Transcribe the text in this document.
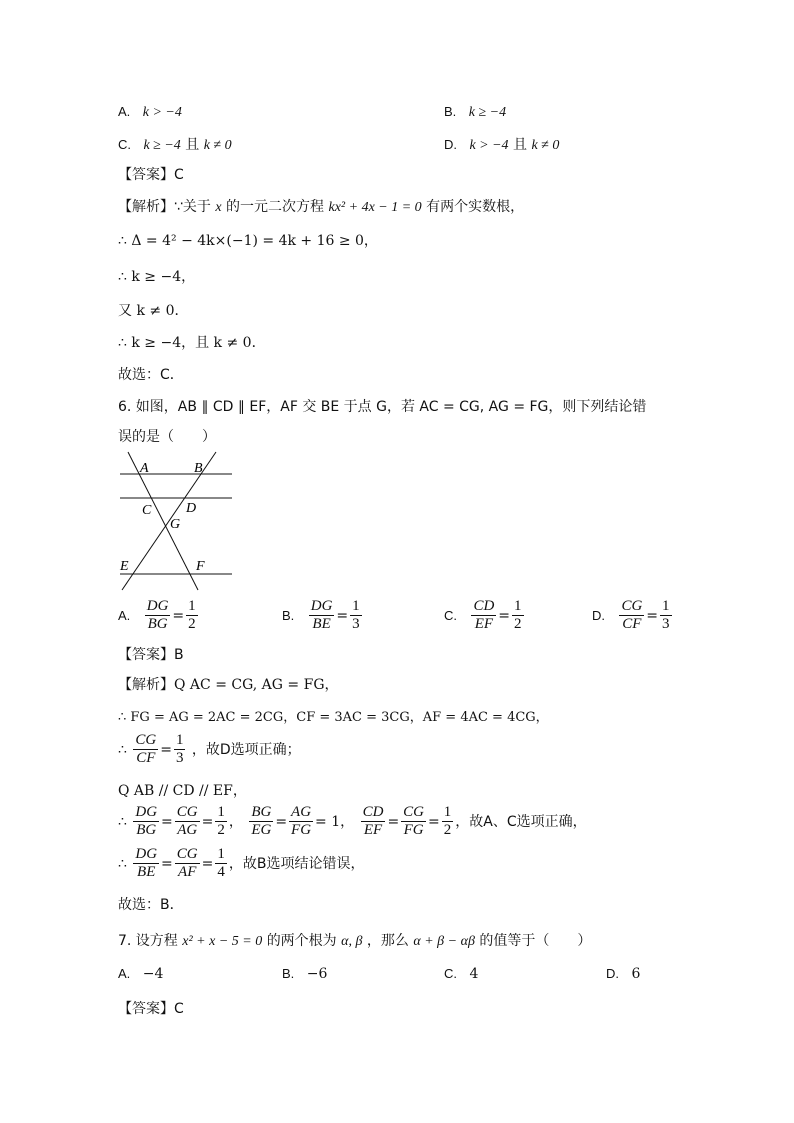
A. k > −4	B. k ≥ −4
C. k ≥ −4 且 k ≠ 0	D. k > −4 且 k ≠ 0
【答案】C
【解析】∵关于 x 的一元二次方程 kx² + 4x − 1 = 0 有两个实数根，
∴ Δ = 4² − 4k×(−1) = 4k + 16 ≥ 0，
∴ k ≥ −4，
又 k ≠ 0．
∴ k ≥ −4，且 k ≠ 0．
故选：C．
6. 如图，AB ∥ CD ∥ EF，AF 交 BE 于点 G，若 AC = CG, AG = FG，则下列结论错
误的是（　　）
A	B
C D
G
E	F
A. $\frac{DG}{BG} = \frac{1}{2}$	B. $\frac{DG}{BE} = \frac{1}{3}$	C. $\frac{CD}{EF} = \frac{1}{2}$	D. $\frac{CG}{CF} = \frac{1}{3}$
【答案】B
【解析】Q AC = CG, AG = FG，
∴ FG = AG = 2AC = 2CG，CF = 3AC = 3CG，AF = 4AC = 4CG，
∴ $\frac{CG}{CF} = \frac{1}{3}$ ，故D选项正确；
Q AB // CD // EF，
∴ $\frac{DG}{BG} = \frac{CG}{AG} = \frac{1}{2}$ ， $\frac{BG}{EG} = \frac{AG}{FG} = 1$， $\frac{CD}{EF} = \frac{CG}{FG} = \frac{1}{2}$ ，故A、C选项正确，
∴ $\frac{DG}{BE} = \frac{CG}{AF} = \frac{1}{4}$ ，故B选项结论错误，
故选：B．
7. 设方程 x² + x − 5 = 0 的两个根为 α, β ，那么 α + β − αβ 的值等于（　　）
A. −4	B. −6	C. 4	D. 6
【答案】C
